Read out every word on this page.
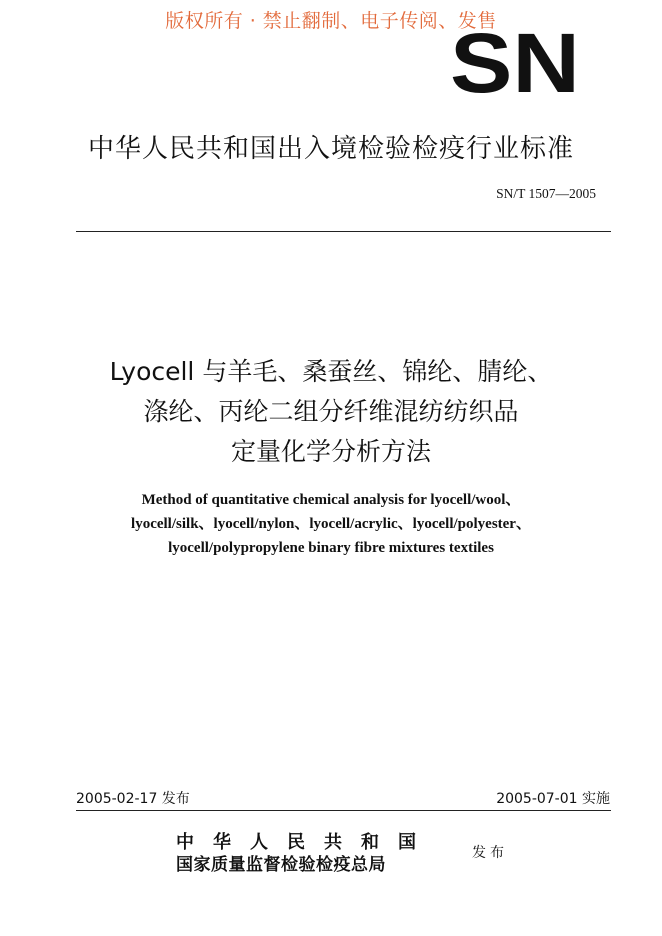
版权所有 · 禁止翻制、电子传阅、发售
SN
中华人民共和国出入境检验检疫行业标准
SN/T 1507—2005
Lyocell 与羊毛、桑蚕丝、锦纶、腈纶、
涤纶、丙纶二组分纤维混纺纺织品
定量化学分析方法
Method of quantitative chemical analysis for lyocell/wool、
lyocell/silk、lyocell/nylon、lyocell/acrylic、lyocell/polyester、
lyocell/polypropylene binary fibre mixtures textiles
2005-02-17 发布	2005-07-01 实施
中华人民共和国
国家质量监督检验检疫总局
发布
